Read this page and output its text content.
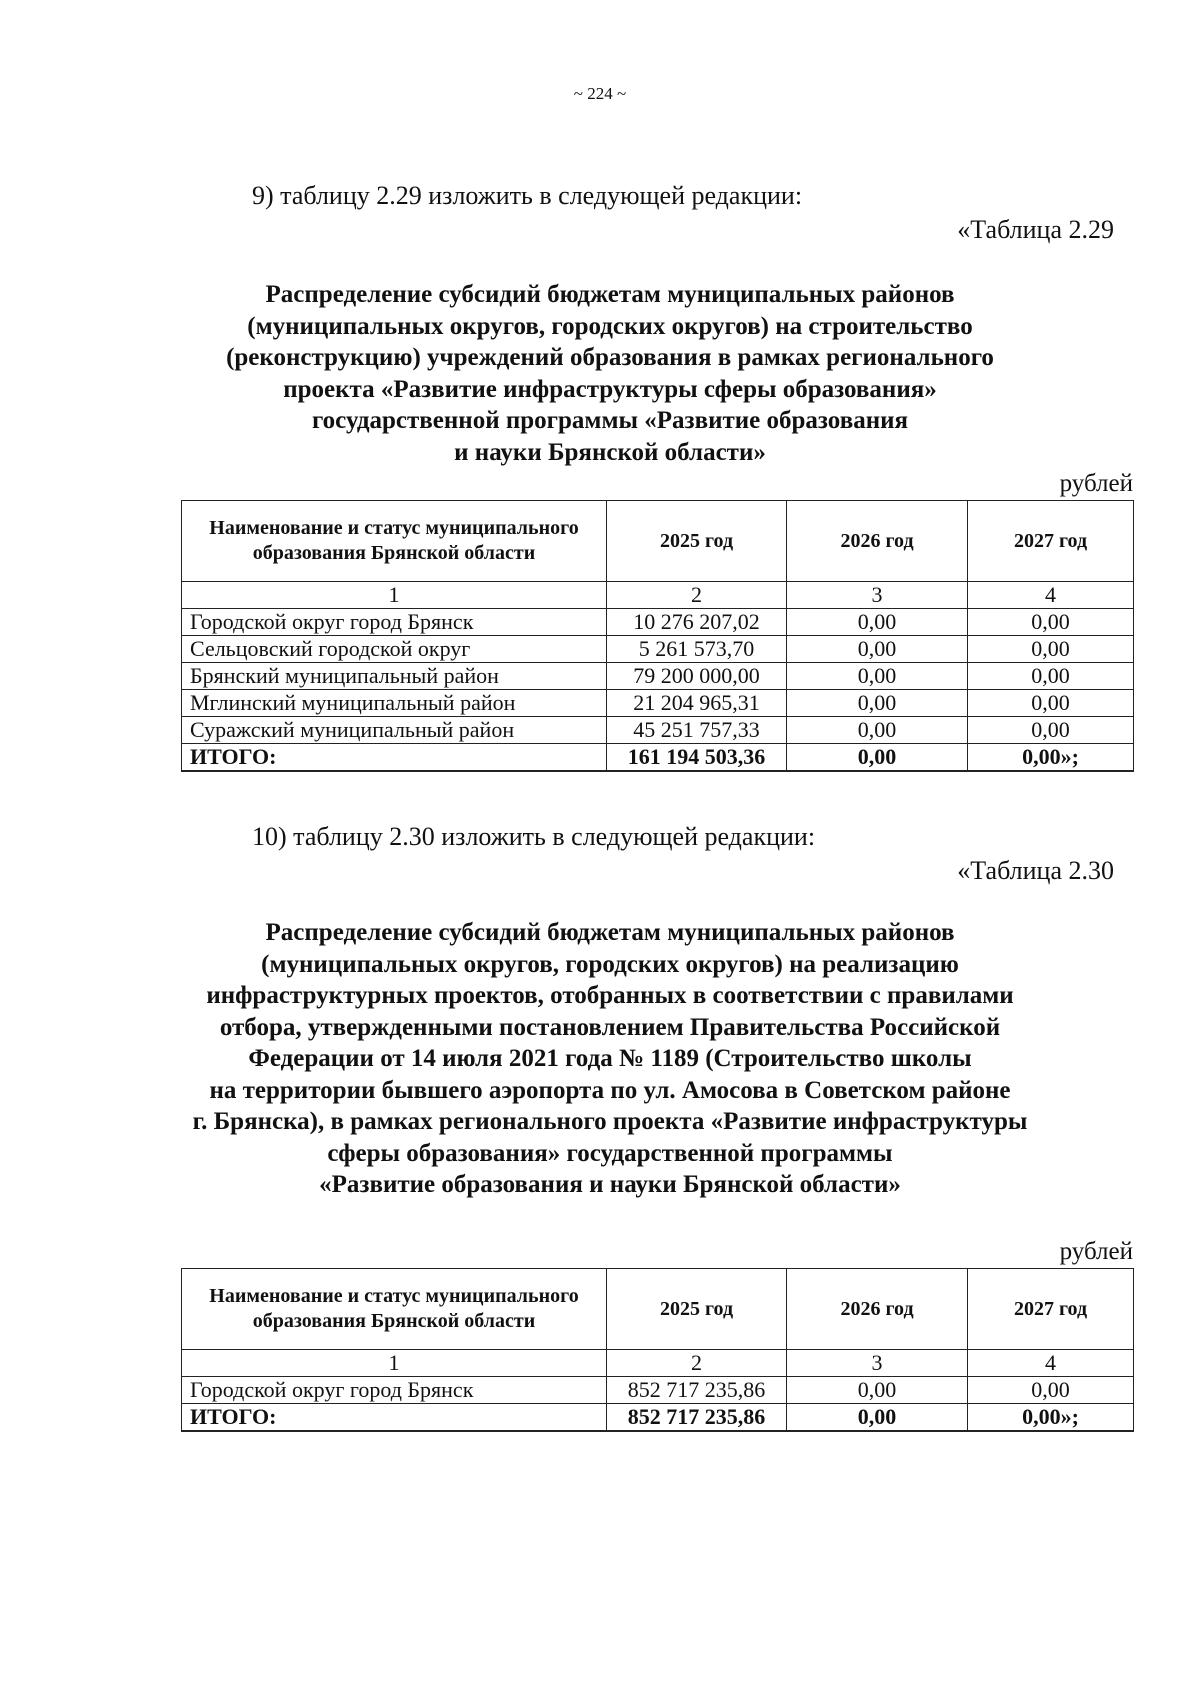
~ 224 ~
9) таблицу 2.29 изложить в следующей редакции:
«Таблица 2.29
Распределение субсидий бюджетам муниципальных районов
(муниципальных округов, городских округов) на строительство
(реконструкцию) учреждений образования в рамках регионального
проекта «Развитие инфраструктуры сферы образования»
государственной программы «Развитие образования
и науки Брянской области»
рублей
Наименование и статус муниципального образования Брянской области	2025 год	2026 год	2027 год
1	2	3	4
Городской округ город Брянск	10 276 207,02	0,00	0,00
Сельцовский городской округ	5 261 573,70	0,00	0,00
Брянский муниципальный район	79 200 000,00	0,00	0,00
Мглинский муниципальный район	21 204 965,31	0,00	0,00
Суражский муниципальный район	45 251 757,33	0,00	0,00
ИТОГО:	161 194 503,36	0,00	0,00»;
10) таблицу 2.30 изложить в следующей редакции:
«Таблица 2.30
Распределение субсидий бюджетам муниципальных районов
(муниципальных округов, городских округов) на реализацию
инфраструктурных проектов, отобранных в соответствии с правилами
отбора, утвержденными постановлением Правительства Российской
Федерации от 14 июля 2021 года № 1189 (Строительство школы
на территории бывшего аэропорта по ул. Амосова в Советском районе
г. Брянска), в рамках регионального проекта «Развитие инфраструктуры
сферы образования» государственной программы
«Развитие образования и науки Брянской области»
рублей
Наименование и статус муниципального образования Брянской области	2025 год	2026 год	2027 год
1	2	3	4
Городской округ город Брянск	852 717 235,86	0,00	0,00
ИТОГО:	852 717 235,86	0,00	0,00»;
